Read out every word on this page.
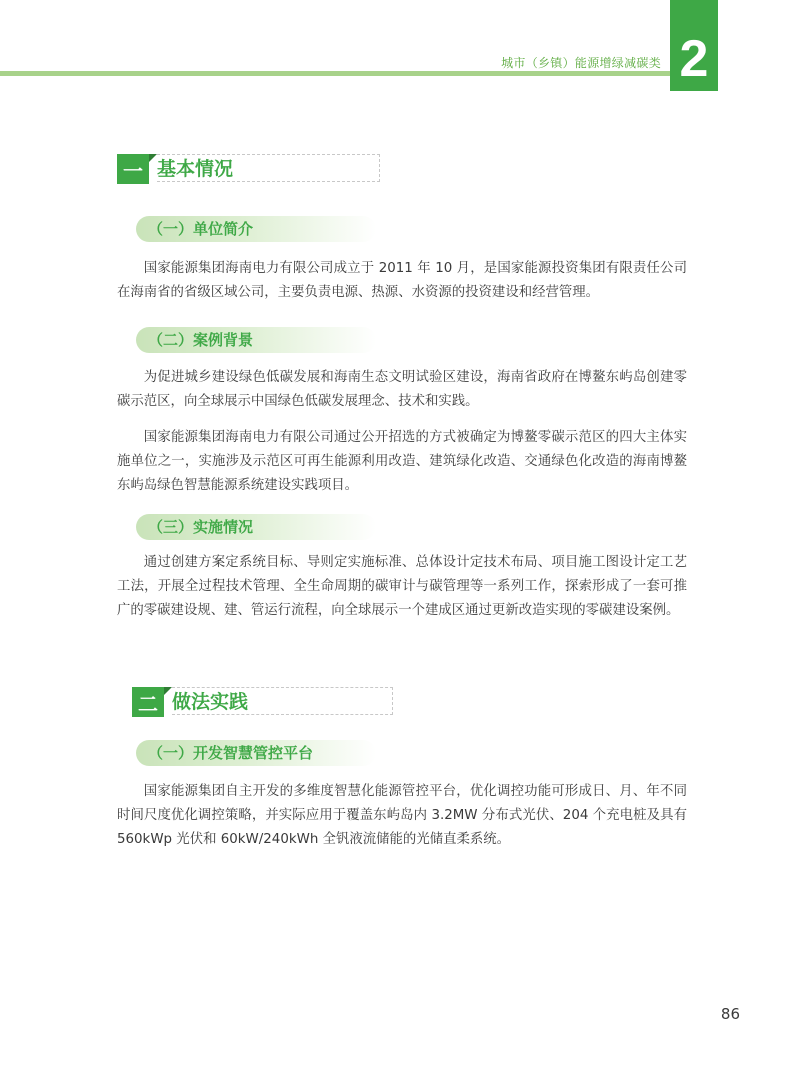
城市（乡镇）能源增绿减碳类 2
一 基本情况
（一）单位简介
国家能源集团海南电力有限公司成立于 2011 年 10 月，是国家能源投资集团有限责任公司在海南省的省级区域公司，主要负责电源、热源、水资源的投资建设和经营管理。
（二）案例背景
为促进城乡建设绿色低碳发展和海南生态文明试验区建设，海南省政府在博鳌东屿岛创建零碳示范区，向全球展示中国绿色低碳发展理念、技术和实践。
国家能源集团海南电力有限公司通过公开招选的方式被确定为博鳌零碳示范区的四大主体实施单位之一，实施涉及示范区可再生能源利用改造、建筑绿化改造、交通绿色化改造的海南博鳌东屿岛绿色智慧能源系统建设实践项目。
（三）实施情况
通过创建方案定系统目标、导则定实施标准、总体设计定技术布局、项目施工图设计定工艺工法，开展全过程技术管理、全生命周期的碳审计与碳管理等一系列工作，探索形成了一套可推广的零碳建设规、建、管运行流程，向全球展示一个建成区通过更新改造实现的零碳建设案例。
二 做法实践
（一）开发智慧管控平台
国家能源集团自主开发的多维度智慧化能源管控平台，优化调控功能可形成日、月、年不同时间尺度优化调控策略，并实际应用于覆盖东屿岛内 3.2MW 分布式光伏、204 个充电桩及具有 560kWp 光伏和 60kW/240kWh 全钒液流储能的光储直柔系统。
86
